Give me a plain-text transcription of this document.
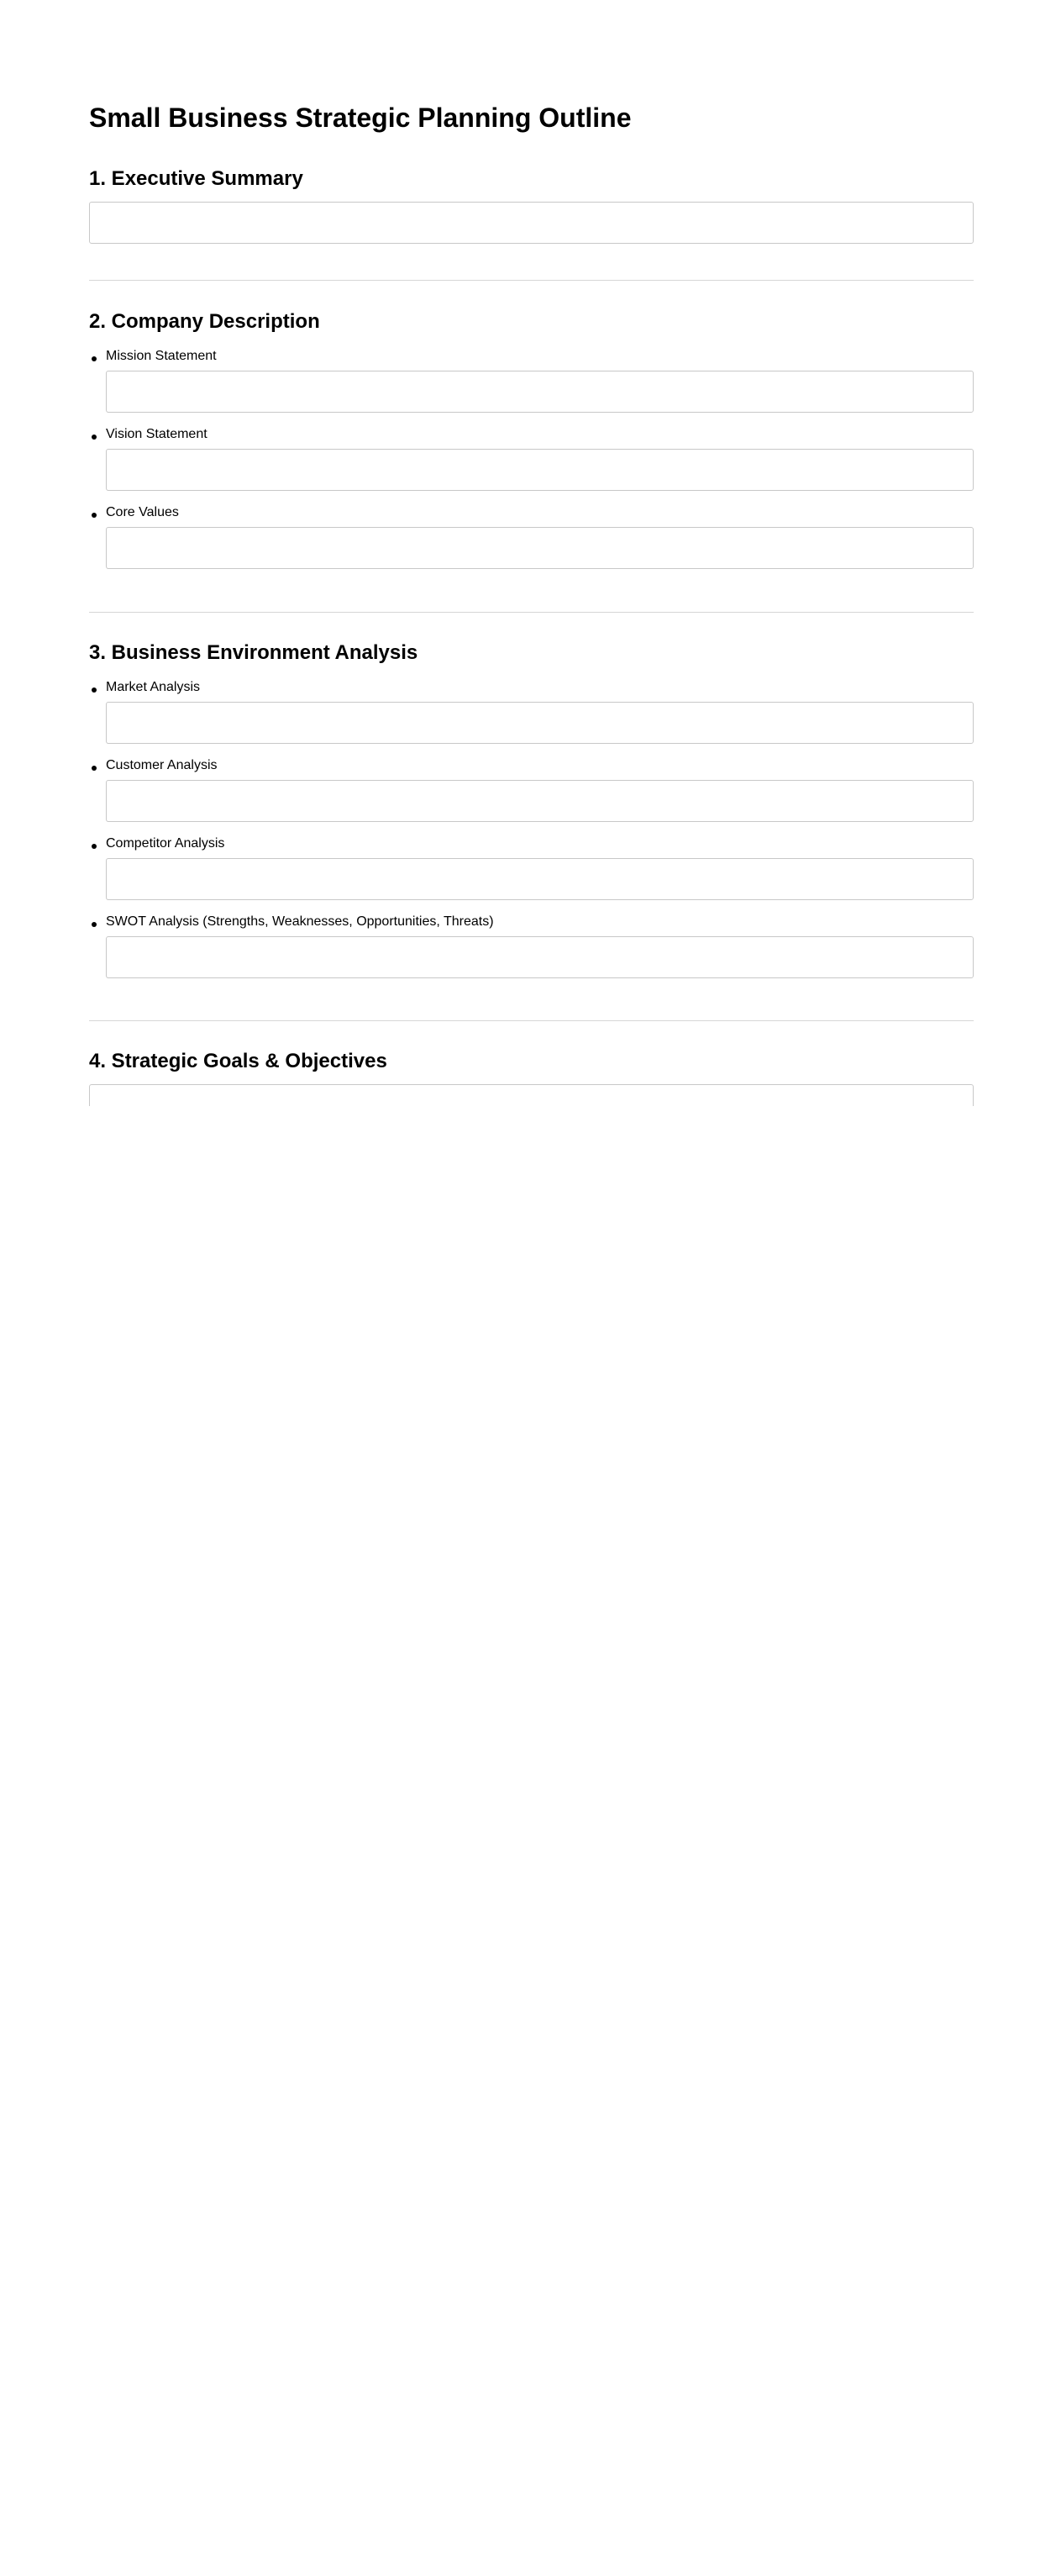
Small Business Strategic Planning Outline
1. Executive Summary
2. Company Description
Mission Statement
Vision Statement
Core Values
3. Business Environment Analysis
Market Analysis
Customer Analysis
Competitor Analysis
SWOT Analysis (Strengths, Weaknesses, Opportunities, Threats)
4. Strategic Goals & Objectives
